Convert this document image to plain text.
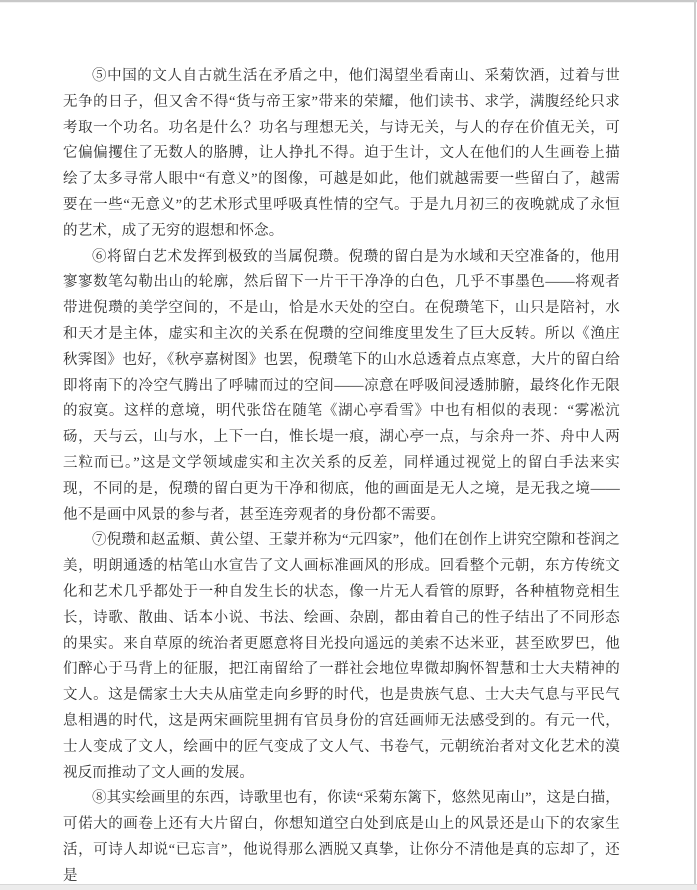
⑤中国的文人自古就生活在矛盾之中，他们渴望坐看南山、采菊饮酒，过着与世无争的日子，但又舍不得“货与帝王家”带来的荣耀，他们读书、求学，满腹经纶只求考取一个功名。功名是什么？功名与理想无关，与诗无关，与人的存在价值无关，可它偏偏攫住了无数人的胳膊，让人挣扎不得。迫于生计，文人在他们的人生画卷上描绘了太多寻常人眼中“有意义”的图像，可越是如此，他们就越需要一些留白了，越需要在一些“无意义”的艺术形式里呼吸真性情的空气。于是九月初三的夜晚就成了永恒的艺术，成了无穷的遐想和怀念。

⑥将留白艺术发挥到极致的当属倪瓒。倪瓒的留白是为水域和天空准备的，他用寥寥数笔勾勒出山的轮廓，然后留下一片干干净净的白色，几乎不事墨色——将观者带进倪瓒的美学空间的，不是山，恰是水天处的空白。在倪瓒笔下，山只是陪衬，水和天才是主体，虚实和主次的关系在倪瓒的空间维度里发生了巨大反转。所以《渔庄秋霁图》也好，《秋亭嘉树图》也罢，倪瓒笔下的山水总透着点点寒意，大片的留白给即将南下的冷空气腾出了呼啸而过的空间——凉意在呼吸间浸透肺腑，最终化作无限的寂寞。这样的意境，明代张岱在随笔《湖心亭看雪》中也有相似的表现：“雾凇沆砀，天与云，山与水，上下一白，惟长堤一痕，湖心亭一点，与余舟一芥、舟中人两三粒而已。”这是文学领域虚实和主次关系的反差，同样通过视觉上的留白手法来实现，不同的是，倪瓒的留白更为干净和彻底，他的画面是无人之境，是无我之境——他不是画中风景的参与者，甚至连旁观者的身份都不需要。

⑦倪瓒和赵孟頫、黄公望、王蒙并称为“元四家”，他们在创作上讲究空隙和苍润之美，明朗通透的枯笔山水宣告了文人画标准画风的形成。回看整个元朝，东方传统文化和艺术几乎都处于一种自发生长的状态，像一片无人看管的原野，各种植物竞相生长，诗歌、散曲、话本小说、书法、绘画、杂剧，都由着自己的性子结出了不同形态的果实。来自草原的统治者更愿意将目光投向遥远的美索不达米亚，甚至欧罗巴，他们醉心于马背上的征服，把江南留给了一群社会地位卑微却胸怀智慧和士大夫精神的文人。这是儒家士大夫从庙堂走向乡野的时代，也是贵族气息、士大夫气息与平民气息相遇的时代，这是两宋画院里拥有官员身份的宫廷画师无法感受到的。有元一代，士人变成了文人，绘画中的匠气变成了文人气、书卷气，元朝统治者对文化艺术的漠视反而推动了文人画的发展。

⑧其实绘画里的东西，诗歌里也有，你读“采菊东篱下，悠然见南山”，这是白描，可偌大的画卷上还有大片留白，你想知道空白处到底是山上的风景还是山下的农家生活，可诗人却说“已忘言”，他说得那么洒脱又真挚，让你分不清他是真的忘却了，还是
